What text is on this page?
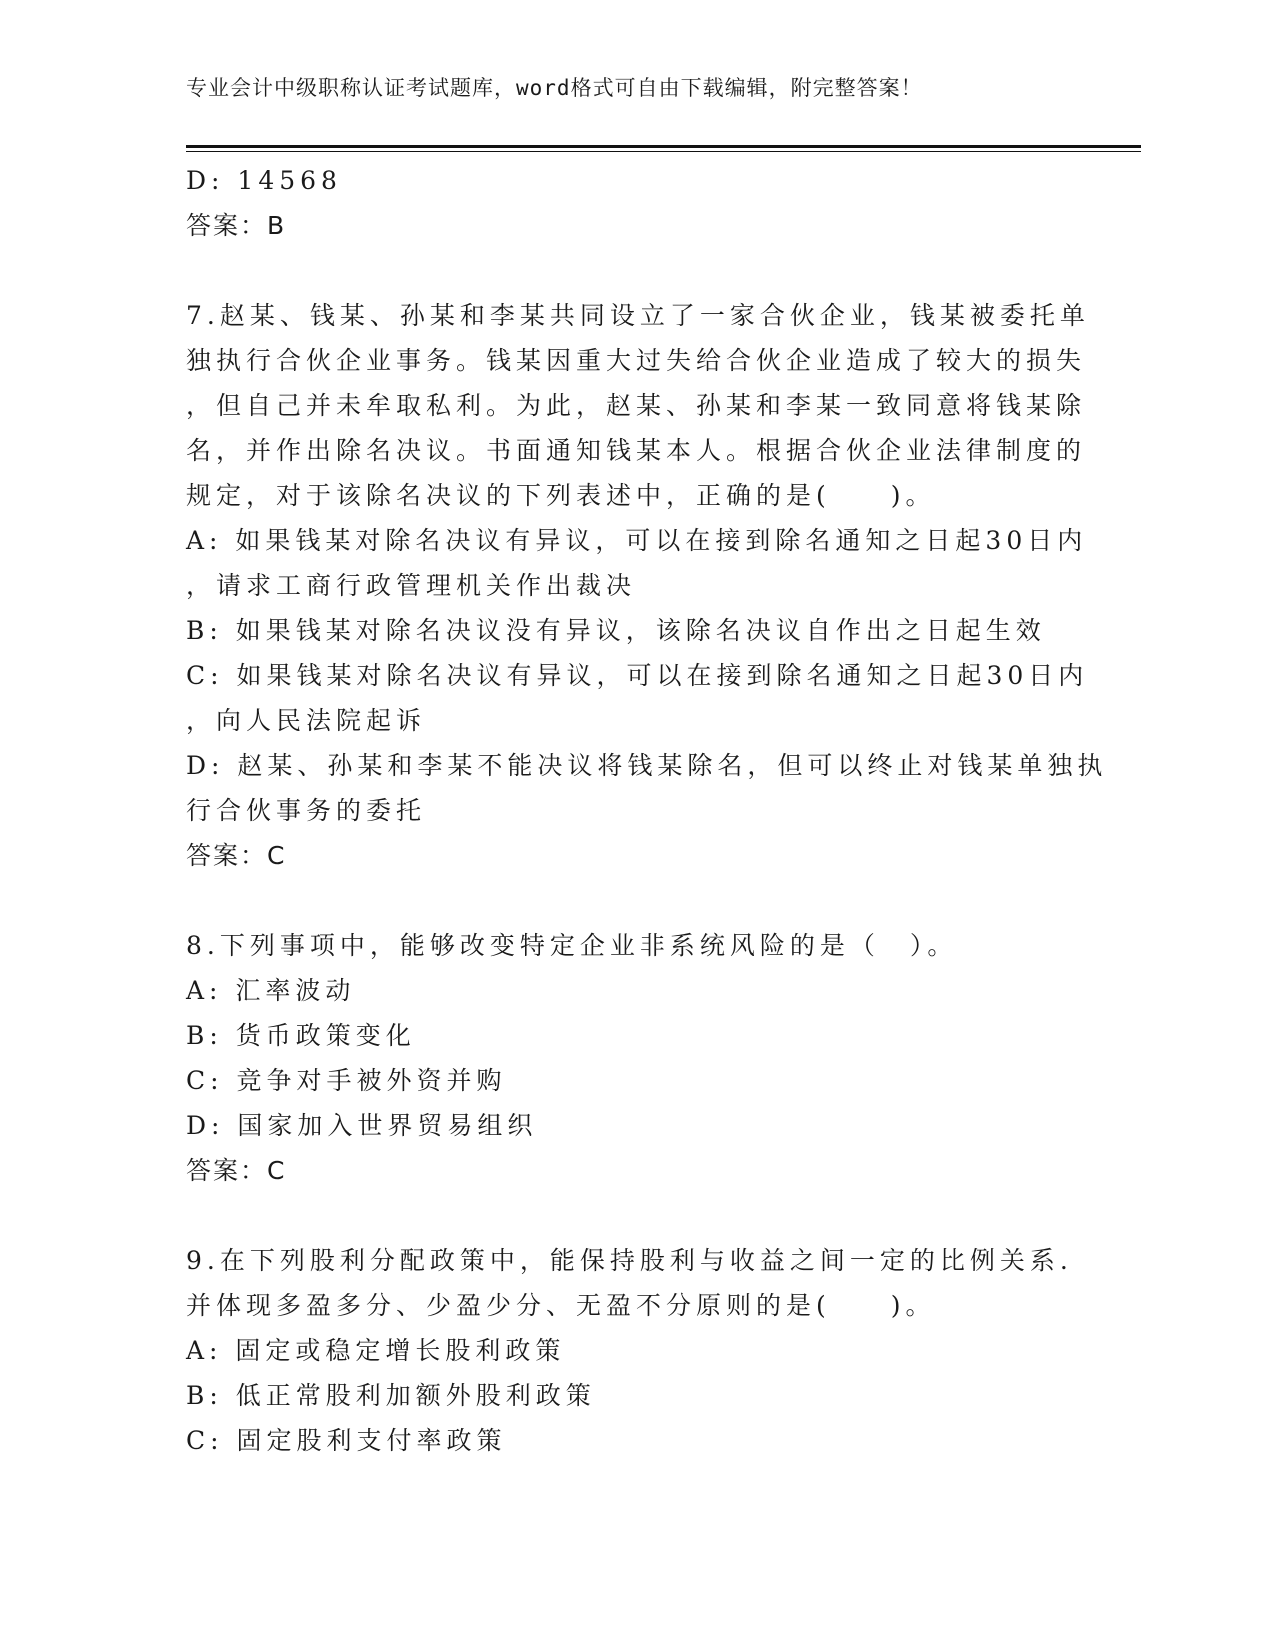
专业会计中级职称认证考试题库，word格式可自由下载编辑，附完整答案！
D: 14568
答案：B
7.赵某、钱某、孙某和李某共同设立了一家合伙企业，钱某被委托单
独执行合伙企业事务。钱某因重大过失给合伙企业造成了较大的损失
，但自己并未牟取私利。为此，赵某、孙某和李某一致同意将钱某除
名，并作出除名决议。书面通知钱某本人。根据合伙企业法律制度的
规定，对于该除名决议的下列表述中，正确的是(　　)。
A: 如果钱某对除名决议有异议，可以在接到除名通知之日起30日内
，请求工商行政管理机关作出裁决
B: 如果钱某对除名决议没有异议，该除名决议自作出之日起生效
C: 如果钱某对除名决议有异议，可以在接到除名通知之日起30日内
，向人民法院起诉
D: 赵某、孙某和李某不能决议将钱某除名，但可以终止对钱某单独执
行合伙事务的委托
答案：C
8.下列事项中，能够改变特定企业非系统风险的是（　）。
A: 汇率波动
B: 货币政策变化
C: 竞争对手被外资并购
D: 国家加入世界贸易组织
答案：C
9.在下列股利分配政策中，能保持股利与收益之间一定的比例关系.
并体现多盈多分、少盈少分、无盈不分原则的是(　　)。
A: 固定或稳定增长股利政策
B: 低正常股利加额外股利政策
C: 固定股利支付率政策
